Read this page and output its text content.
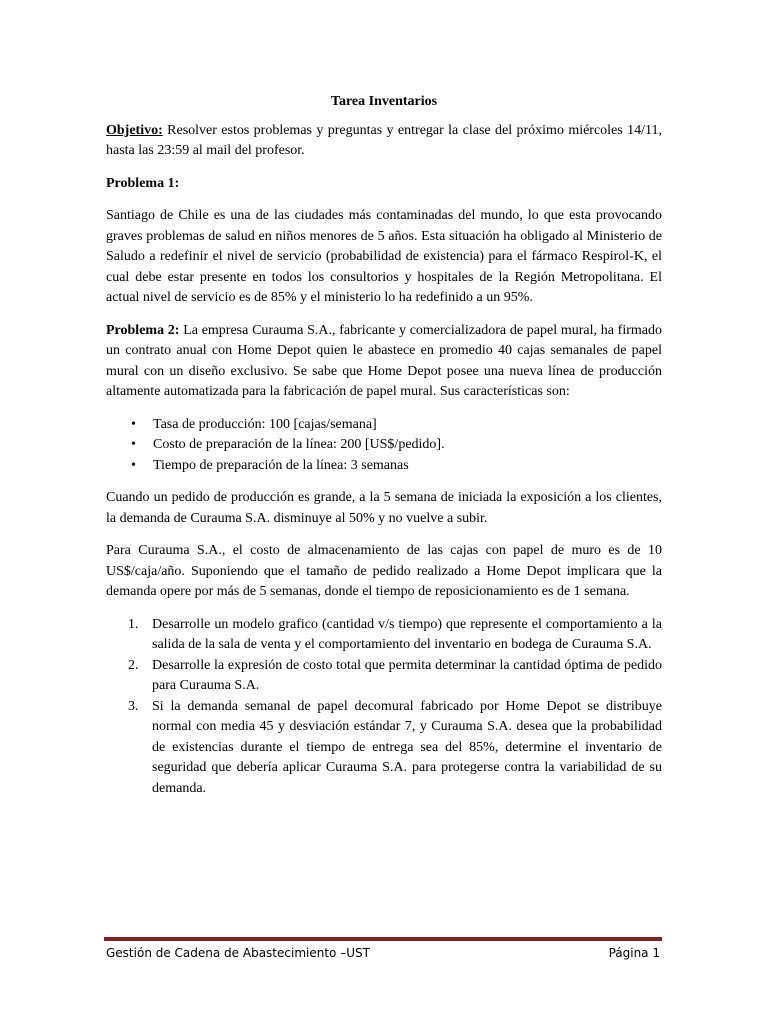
Tarea Inventarios

Objetivo: Resolver estos problemas y preguntas y entregar la clase del próximo miércoles 14/11, hasta las 23:59 al mail del profesor.

Problema 1:

Santiago de Chile es una de las ciudades más contaminadas del mundo, lo que esta provocando graves problemas de salud en niños menores de 5 años. Esta situación ha obligado al Ministerio de Saludo a redefinir el nivel de servicio (probabilidad de existencia) para el fármaco Respirol-K, el cual debe estar presente en todos los consultorios y hospitales de la Región Metropolitana. El actual nivel de servicio es de 85% y el ministerio lo ha redefinido a un 95%.

Problema 2: La empresa Curauma S.A., fabricante y comercializadora de papel mural, ha firmado un contrato anual con Home Depot quien le abastece en promedio 40 cajas semanales de papel mural con un diseño exclusivo. Se sabe que Home Depot posee una nueva línea de producción altamente automatizada para la fabricación de papel mural. Sus características son:

• Tasa de producción: 100 [cajas/semana]
• Costo de preparación de la línea: 200 [US$/pedido].
• Tiempo de preparación de la línea: 3 semanas

Cuando un pedido de producción es grande, a la 5 semana de iniciada la exposición a los clientes, la demanda de Curauma S.A. disminuye al 50% y no vuelve a subir.

Para Curauma S.A., el costo de almacenamiento de las cajas con papel de muro es de 10 US$/caja/año. Suponiendo que el tamaño de pedido realizado a Home Depot implicara que la demanda opere por más de 5 semanas, donde el tiempo de reposicionamiento es de 1 semana.

1. Desarrolle un modelo grafico (cantidad v/s tiempo) que represente el comportamiento a la salida de la sala de venta y el comportamiento del inventario en bodega de Curauma S.A.
2. Desarrolle la expresión de costo total que permita determinar la cantidad óptima de pedido para Curauma S.A.
3. Si la demanda semanal de papel decomural fabricado por Home Depot se distribuye normal con media 45 y desviación estándar 7, y Curauma S.A. desea que la probabilidad de existencias durante el tiempo de entrega sea del 85%, determine el inventario de seguridad que debería aplicar Curauma S.A. para protegerse contra la variabilidad de su demanda.
Gestión de Cadena de Abastecimiento –UST	Página 1
